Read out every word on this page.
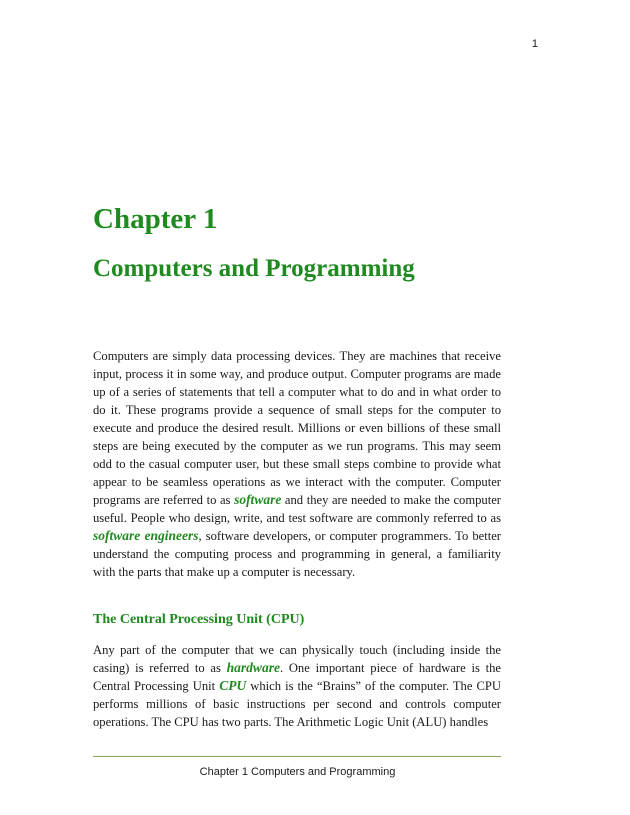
1
Chapter 1
Computers and Programming

Computers are simply data processing devices. They are machines that receive input, process it in some way, and produce output. Computer programs are made up of a series of statements that tell a computer what to do and in what order to do it. These programs provide a sequence of small steps for the computer to execute and produce the desired result. Millions or even billions of these small steps are being executed by the computer as we run programs. This may seem odd to the casual computer user, but these small steps combine to provide what appear to be seamless operations as we interact with the computer. Computer programs are referred to as software and they are needed to make the computer useful. People who design, write, and test software are commonly referred to as software engineers, software developers, or computer programmers. To better understand the computing process and programming in general, a familiarity with the parts that make up a computer is necessary.

The Central Processing Unit (CPU)

Any part of the computer that we can physically touch (including inside the casing) is referred to as hardware. One important piece of hardware is the Central Processing Unit CPU which is the “Brains” of the computer. The CPU performs millions of basic instructions per second and controls computer operations. The CPU has two parts. The Arithmetic Logic Unit (ALU) handles

Chapter 1 Computers and Programming
